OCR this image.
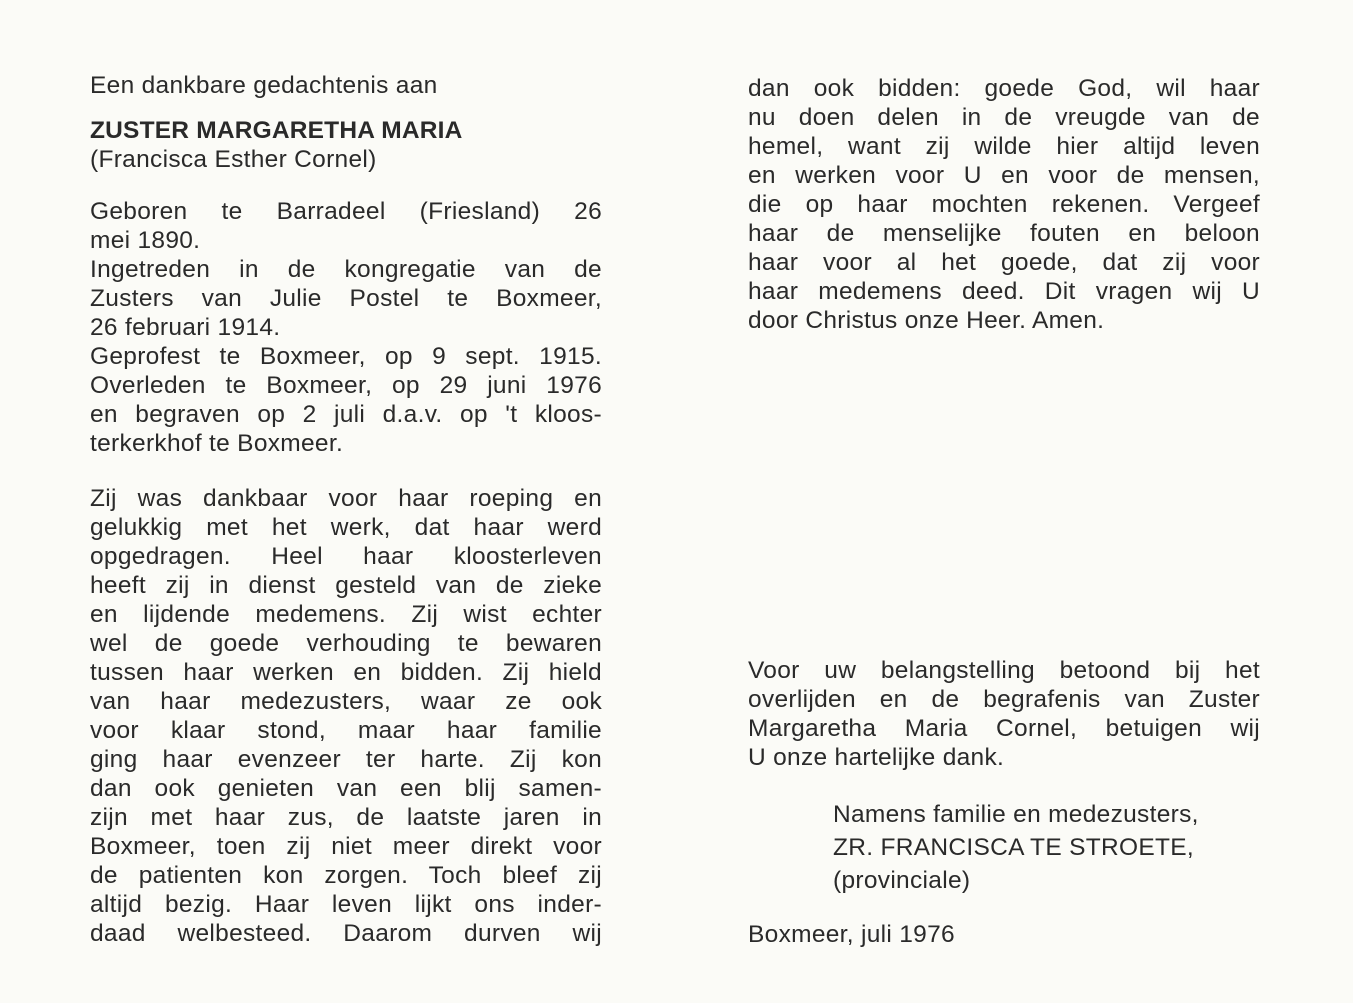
Een dankbare gedachtenis aan
ZUSTER MARGARETHA MARIA
(Francisca Esther Cornel)
Geboren te Barradeel (Friesland) 26
mei 1890.
Ingetreden in de kongregatie van de
Zusters van Julie Postel te Boxmeer,
26 februari 1914.
Geprofest te Boxmeer, op 9 sept. 1915.
Overleden te Boxmeer, op 29 juni 1976
en begraven op 2 juli d.a.v. op 't kloos-
terkerkhof te Boxmeer.
Zij was dankbaar voor haar roeping en
gelukkig met het werk, dat haar werd
opgedragen. Heel haar kloosterleven
heeft zij in dienst gesteld van de zieke
en lijdende medemens. Zij wist echter
wel de goede verhouding te bewaren
tussen haar werken en bidden. Zij hield
van haar medezusters, waar ze ook
voor klaar stond, maar haar familie
ging haar evenzeer ter harte. Zij kon
dan ook genieten van een blij samen-
zijn met haar zus, de laatste jaren in
Boxmeer, toen zij niet meer direkt voor
de patienten kon zorgen. Toch bleef zij
altijd bezig. Haar leven lijkt ons inder-
daad welbesteed. Daarom durven wij
dan ook bidden: goede God, wil haar
nu doen delen in de vreugde van de
hemel, want zij wilde hier altijd leven
en werken voor U en voor de mensen,
die op haar mochten rekenen. Vergeef
haar de menselijke fouten en beloon
haar voor al het goede, dat zij voor
haar medemens deed. Dit vragen wij U
door Christus onze Heer. Amen.
Voor uw belangstelling betoond bij het
overlijden en de begrafenis van Zuster
Margaretha Maria Cornel, betuigen wij
U onze hartelijke dank.
Namens familie en medezusters,
ZR. FRANCISCA TE STROETE,
(provinciale)
Boxmeer, juli 1976
